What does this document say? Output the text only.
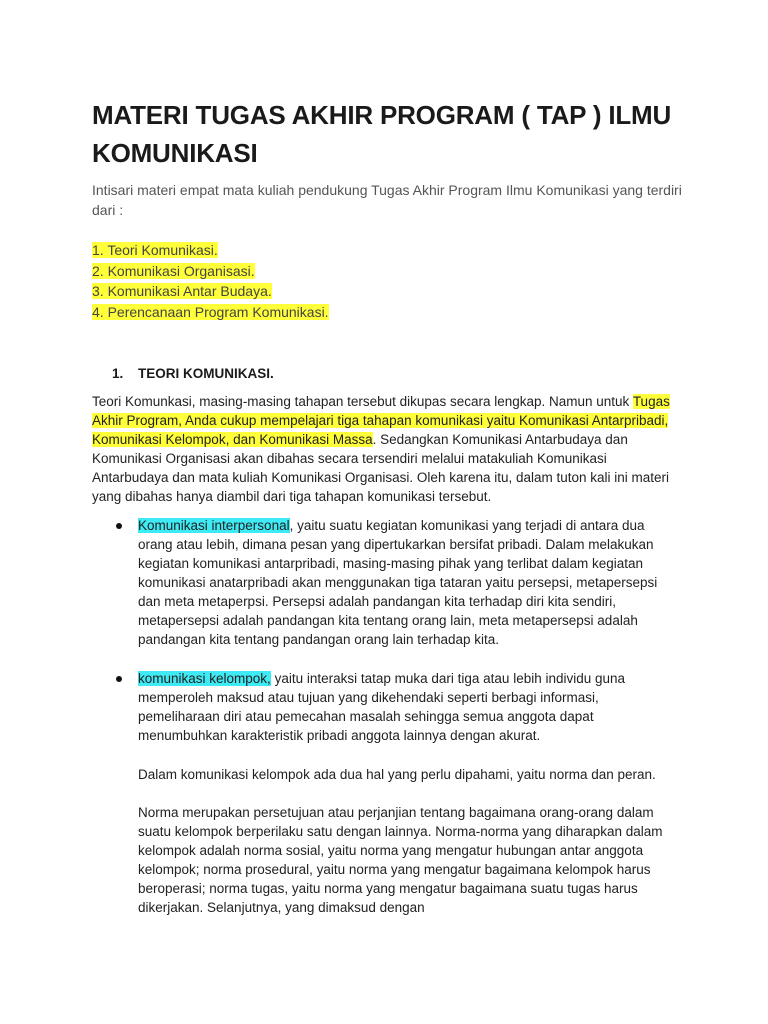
MATERI TUGAS AKHIR PROGRAM ( TAP ) ILMU KOMUNIKASI
Intisari materi empat mata kuliah pendukung Tugas Akhir Program Ilmu Komunikasi yang terdiri dari :
1. Teori Komunikasi.
2. Komunikasi Organisasi.
3. Komunikasi Antar Budaya.
4. Perencanaan Program Komunikasi.
1. TEORI KOMUNIKASI.
Teori Komunkasi, masing-masing tahapan tersebut dikupas secara lengkap. Namun untuk Tugas Akhir Program, Anda cukup mempelajari tiga tahapan komunikasi yaitu Komunikasi Antarpribadi, Komunikasi Kelompok, dan Komunikasi Massa. Sedangkan Komunikasi Antarbudaya dan Komunikasi Organisasi akan dibahas secara tersendiri melalui matakuliah Komunikasi Antarbudaya dan mata kuliah Komunikasi Organisasi. Oleh karena itu, dalam tuton kali ini materi yang dibahas hanya diambil dari tiga tahapan komunikasi tersebut.
Komunikasi interpersonal, yaitu suatu kegiatan komunikasi yang terjadi di antara dua orang atau lebih, dimana pesan yang dipertukarkan bersifat pribadi. Dalam melakukan kegiatan komunikasi antarpribadi, masing-masing pihak yang terlibat dalam kegiatan komunikasi anatarpribadi akan menggunakan tiga tataran yaitu persepsi, metapersepsi dan meta metaperpsi. Persepsi adalah pandangan kita terhadap diri kita sendiri, metapersepsi adalah pandangan kita tentang orang lain, meta metapersepsi adalah pandangan kita tentang pandangan orang lain terhadap kita.
komunikasi kelompok, yaitu interaksi tatap muka dari tiga atau lebih individu guna memperoleh maksud atau tujuan yang dikehendaki seperti berbagi informasi, pemeliharaan diri atau pemecahan masalah sehingga semua anggota dapat menumbuhkan karakteristik pribadi anggota lainnya dengan akurat.
Dalam komunikasi kelompok ada dua hal yang perlu dipahami, yaitu norma dan peran.
Norma merupakan persetujuan atau perjanjian tentang bagaimana orang-orang dalam suatu kelompok berperilaku satu dengan lainnya. Norma-norma yang diharapkan dalam kelompok adalah norma sosial, yaitu norma yang mengatur hubungan antar anggota kelompok; norma prosedural, yaitu norma yang mengatur bagaimana kelompok harus beroperasi; norma tugas, yaitu norma yang mengatur bagaimana suatu tugas harus dikerjakan. Selanjutnya, yang dimaksud dengan
